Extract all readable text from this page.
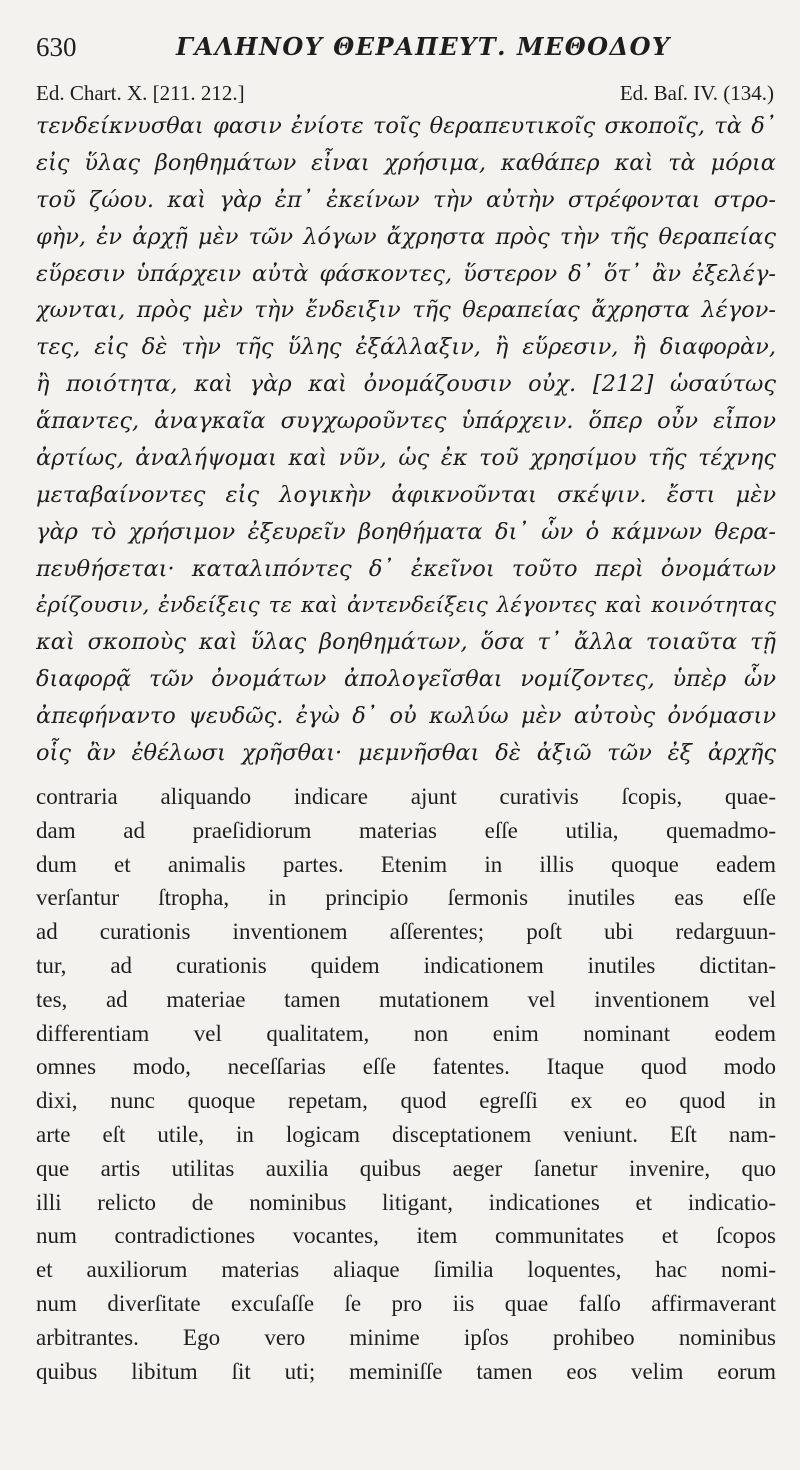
630	ΓΑΛΗΝΟΥ ΘΕΡΑΠΕΥΤ. ΜΕΘΟΔΟΥ
Ed. Chart. X. [211. 212.]	Ed. Baſ. IV. (134.)
τενδείκνυσθαι φασιν ἐνίοτε τοῖς θεραπευτικοῖς σκοποῖς, τὰ δ᾽
εἰς ὕλας βοηθημάτων εἶναι χρήσιμα, καθάπερ καὶ τὰ μόρια
τοῦ ζώου. καὶ γὰρ ἐπ᾽ ἐκείνων τὴν αὐτὴν στρέφονται στρο-
φὴν, ἐν ἀρχῇ μὲν τῶν λόγων ἄχρηστα πρὸς τὴν τῆς θεραπείας
εὕρεσιν ὑπάρχειν αὐτὰ φάσκοντες, ὕστερον δ᾽ ὅτ᾽ ἂν ἐξελέγ-
χωνται, πρὸς μὲν τὴν ἔνδειξιν τῆς θεραπείας ἄχρηστα λέγον-
τες, εἰς δὲ τὴν τῆς ὕλης ἐξάλλαξιν, ἢ εὕρεσιν, ἢ διαφορὰν,
ἢ ποιότητα, καὶ γὰρ καὶ ὀνομάζουσιν οὐχ. [212] ὡσαύτως
ἅπαντες, ἀναγκαῖα συγχωροῦντες ὑπάρχειν. ὅπερ οὖν εἶπον
ἀρτίως, ἀναλήψομαι καὶ νῦν, ὡς ἐκ τοῦ χρησίμου τῆς τέχνης
μεταβαίνοντες εἰς λογικὴν ἀφικνοῦνται σκέψιν. ἔστι μὲν
γὰρ τὸ χρήσιμον ἐξευρεῖν βοηθήματα δι᾽ ὧν ὁ κάμνων θερα-
πευθήσεται· καταλιπόντες δ᾽ ἐκεῖνοι τοῦτο περὶ ὀνομάτων
ἐρίζουσιν, ἐνδείξεις τε καὶ ἀντενδείξεις λέγοντες καὶ κοινότητας
καὶ σκοποὺς καὶ ὕλας βοηθημάτων, ὅσα τ᾽ ἄλλα τοιαῦτα τῇ
διαφορᾷ τῶν ὀνομάτων ἀπολογεῖσθαι νομίζοντες, ὑπὲρ ὧν
ἀπεφήναντο ψευδῶς. ἐγὼ δ᾽ οὐ κωλύω μὲν αὐτοὺς ὀνόμασιν
οἷς ἂν ἐθέλωσι χρῆσθαι· μεμνῆσθαι δὲ ἀξιῶ τῶν ἐξ ἀρχῆς
contraria aliquando indicare ajunt curativis ſcopis, quae-
dam ad praeſidiorum materias eſſe utilia, quemadmo-
dum et animalis partes. Etenim in illis quoque eadem
verſantur ſtropha, in principio ſermonis inutiles eas eſſe
ad curationis inventionem aſſerentes; poſt ubi redarguun-
tur, ad curationis quidem indicationem inutiles dictitan-
tes, ad materiae tamen mutationem vel inventionem vel
differentiam vel qualitatem, non enim nominant eodem
omnes modo, neceſſarias eſſe fatentes. Itaque quod modo
dixi, nunc quoque repetam, quod egreſſi ex eo quod in
arte eſt utile, in logicam disceptationem veniunt. Eſt nam-
que artis utilitas auxilia quibus aeger ſanetur invenire, quo
illi relicto de nominibus litigant, indicationes et indicatio-
num contradictiones vocantes, item communitates et ſcopos
et auxiliorum materias aliaque ſimilia loquentes, hac nomi-
num diverſitate excuſaſſe ſe pro iis quae falſo affirmaverant
arbitrantes. Ego vero minime ipſos prohibeo nominibus
quibus libitum ſit uti; meminiſſe tamen eos velim eorum
